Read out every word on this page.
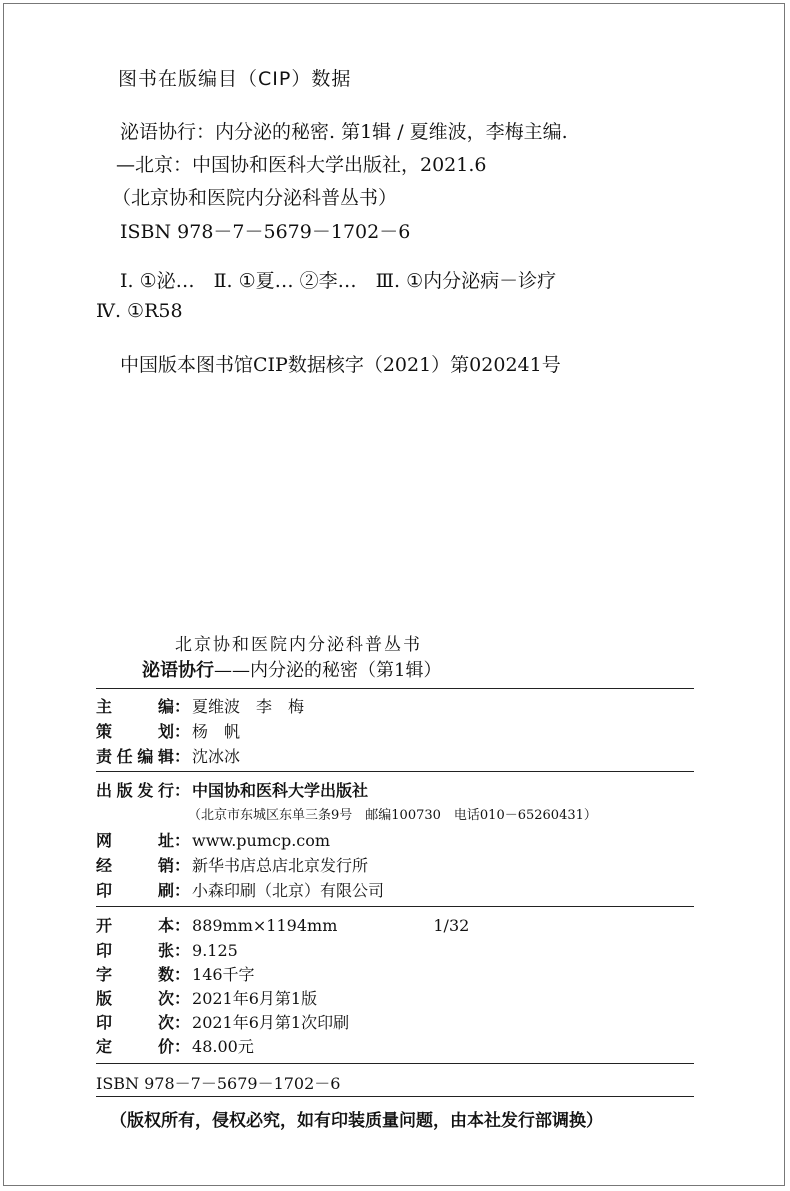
图书在版编目（CIP）数据
泌语协行：内分泌的秘密. 第1辑 / 夏维波，李梅主编.
—北京：中国协和医科大学出版社，2021.6
（北京协和医院内分泌科普丛书）
ISBN 978－7－5679－1702－6
Ⅰ. ①泌…　Ⅱ. ①夏… ②李…　Ⅲ. ①内分泌病－诊疗
Ⅳ. ①R58
中国版本图书馆CIP数据核字（2021）第020241号
北京协和医院内分泌科普丛书
泌语协行——内分泌的秘密（第1辑）
主　编 ： 夏维波　李　梅
策　划 ： 杨　帆
责任编辑 ： 沈冰冰
出版发行 ： 中国协和医科大学出版社
（北京市东城区东单三条9号　邮编100730　电话010－65260431）
网　址 ： www.pumcp.com
经　销 ： 新华书店总店北京发行所
印　刷 ： 小森印刷（北京）有限公司
开　本 ： 889mm×1194mm	1/32
印　张 ： 9.125
字　数 ： 146千字
版　次 ： 2021年6月第1版
印　次 ： 2021年6月第1次印刷
定　价 ： 48.00元
ISBN 978－7－5679－1702－6
（版权所有，侵权必究，如有印装质量问题，由本社发行部调换）
